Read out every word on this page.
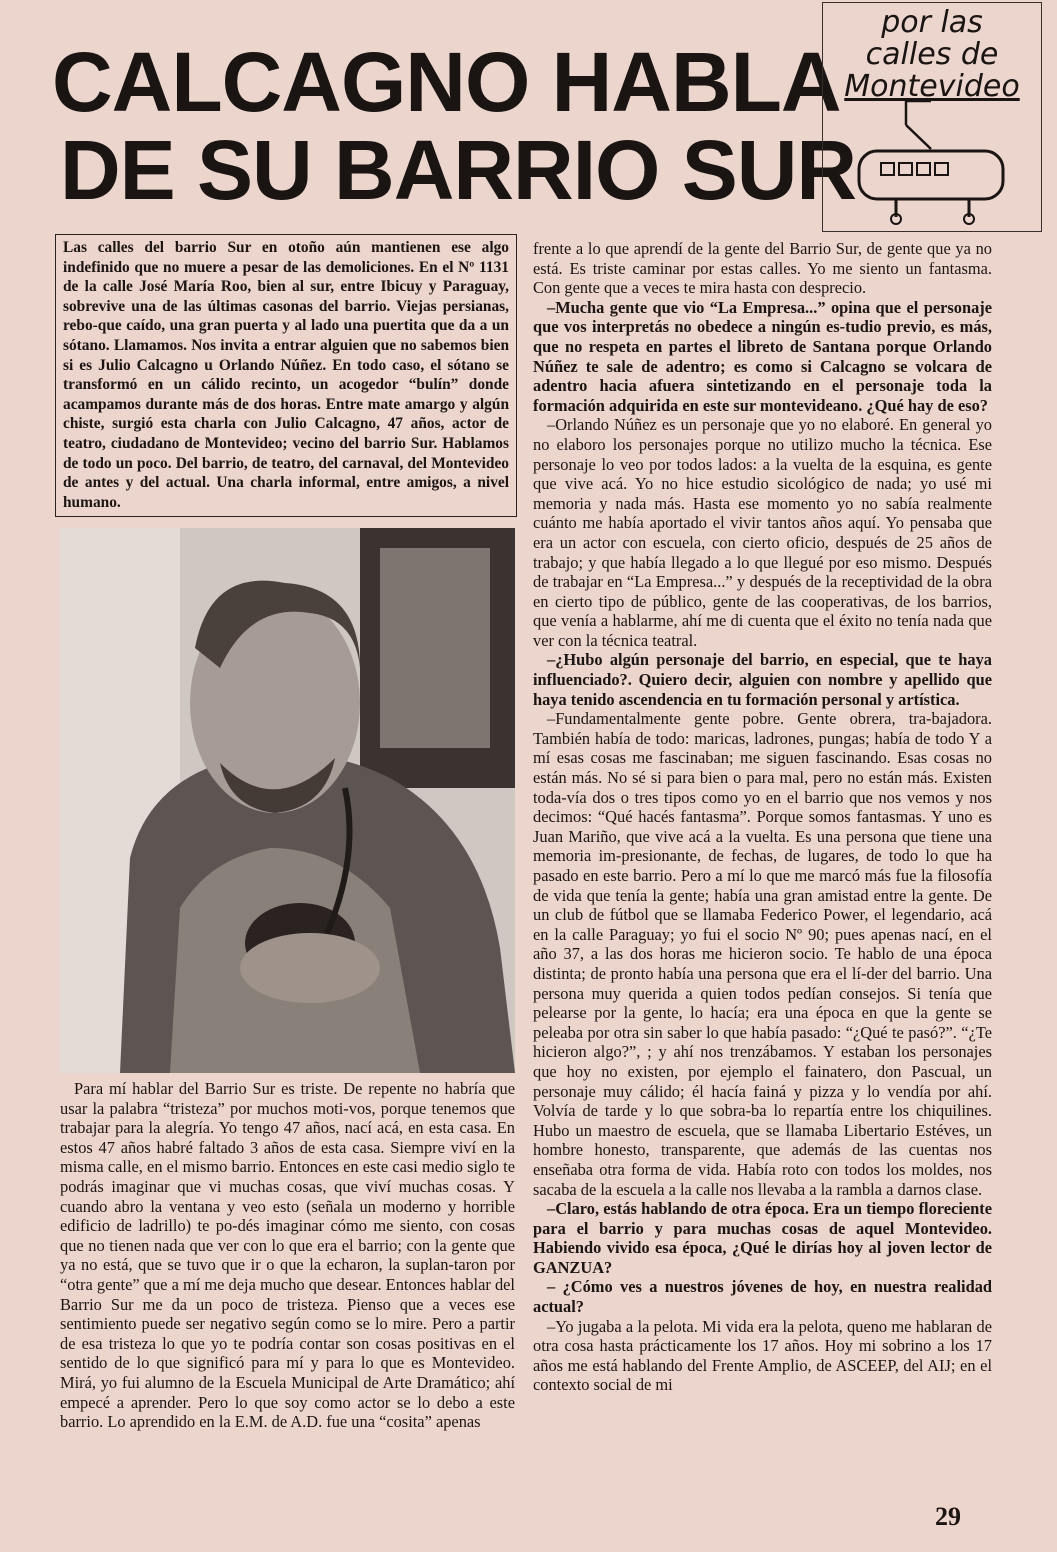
CALCAGNO HABLA
DE SU BARRIO SUR
por las
calles de
Montevideo
Las calles del barrio Sur en otoño aún mantienen ese algo indefinido que no muere a pesar de las demoliciones. En el Nº 1131 de la calle José María Roo, bien al sur, entre Ibicuy y Paraguay, sobrevive una de las últimas casonas del barrio. Viejas persianas, rebo-que caído, una gran puerta y al lado una puertita que da a un sótano. Llamamos. Nos invita a entrar alguien que no sabemos bien si es Julio Calcagno u Orlando Núñez. En todo caso, el sótano se transformó en un cálido recinto, un acogedor “bulín” donde acampamos durante más de dos horas. Entre mate amargo y algún chiste, surgió esta charla con Julio Calcagno, 47 años, actor de teatro, ciudadano de Montevideo; vecino del barrio Sur. Hablamos de todo un poco. Del barrio, de teatro, del carnaval, del Montevideo de antes y del actual. Una charla informal, entre amigos, a nivel humano.

Para mí hablar del Barrio Sur es triste. De repente no habría que usar la palabra “tristeza” por muchos moti-vos, porque tenemos que trabajar para la alegría. Yo tengo 47 años, nací acá, en esta casa. En estos 47 años habré faltado 3 años de esta casa. Siempre viví en la misma calle, en el mismo barrio. Entonces en este casi medio siglo te podrás imaginar que vi muchas cosas, que viví muchas cosas. Y cuando abro la ventana y veo esto (señala un moderno y horrible edificio de ladrillo) te po-dés imaginar cómo me siento, con cosas que no tienen nada que ver con lo que era el barrio; con la gente que ya no está, que se tuvo que ir o que la echaron, la suplan-taron por “otra gente” que a mí me deja mucho que desear. Entonces hablar del Barrio Sur me da un poco de tristeza. Pienso que a veces ese sentimiento puede ser negativo según como se lo mire. Pero a partir de esa tristeza lo que yo te podría contar son cosas positivas en el sentido de lo que significó para mí y para lo que es Montevideo. Mirá, yo fui alumno de la Escuela Municipal de Arte Dramático; ahí empecé a aprender. Pero lo que soy como actor se lo debo a este barrio. Lo aprendido en la E.M. de A.D. fue una “cosita” apenas

frente a lo que aprendí de la gente del Barrio Sur, de gente que ya no está. Es triste caminar por estas calles. Yo me siento un fantasma. Con gente que a veces te mira hasta con desprecio.

–Mucha gente que vio “La Empresa...” opina que el personaje que vos interpretás no obedece a ningún es-tudio previo, es más, que no respeta en partes el libreto de Santana porque Orlando Núñez te sale de adentro; es como si Calcagno se volcara de adentro hacia afuera sintetizando en el personaje toda la formación adquirida en este sur montevideano. ¿Qué hay de eso?

–Orlando Núñez es un personaje que yo no elaboré. En general yo no elaboro los personajes porque no utilizo mucho la técnica. Ese personaje lo veo por todos lados: a la vuelta de la esquina, es gente que vive acá. Yo no hice estudio sicológico de nada; yo usé mi memoria y nada más. Hasta ese momento yo no sabía realmente cuánto me había aportado el vivir tantos años aquí. Yo pensaba que era un actor con escuela, con cierto oficio, después de 25 años de trabajo; y que había llegado a lo que llegué por eso mismo. Después de trabajar en “La Empresa...” y después de la receptividad de la obra en cierto tipo de público, gente de las cooperativas, de los barrios, que venía a hablarme, ahí me di cuenta que el éxito no tenía nada que ver con la técnica teatral.

–¿Hubo algún personaje del barrio, en especial, que te haya influenciado?. Quiero decir, alguien con nombre y apellido que haya tenido ascendencia en tu formación personal y artística.

–Fundamentalmente gente pobre. Gente obrera, tra-bajadora. También había de todo: maricas, ladrones, pungas; había de todo Y a mí esas cosas me fascinaban; me siguen fascinando. Esas cosas no están más. No sé si para bien o para mal, pero no están más. Existen toda-vía dos o tres tipos como yo en el barrio que nos vemos y nos decimos: “Qué hacés fantasma”. Porque somos fantasmas. Y uno es Juan Mariño, que vive acá a la vuelta. Es una persona que tiene una memoria im-presionante, de fechas, de lugares, de todo lo que ha pasado en este barrio. Pero a mí lo que me marcó más fue la filosofía de vida que tenía la gente; había una gran amistad entre la gente. De un club de fútbol que se llamaba Federico Power, el legendario, acá en la calle Paraguay; yo fui el socio Nº 90; pues apenas nací, en el año 37, a las dos horas me hicieron socio. Te hablo de una época distinta; de pronto había una persona que era el lí-der del barrio. Una persona muy querida a quien todos pedían consejos. Si tenía que pelearse por la gente, lo hacía; era una época en que la gente se peleaba por otra sin saber lo que había pasado: “¿Qué te pasó?”. “¿Te hicieron algo?”, ; y ahí nos trenzábamos. Y estaban los personajes que hoy no existen, por ejemplo el fainatero, don Pascual, un personaje muy cálido; él hacía fainá y pizza y lo vendía por ahí. Volvía de tarde y lo que sobra-ba lo repartía entre los chiquilines. Hubo un maestro de escuela, que se llamaba Libertario Estéves, un hombre honesto, transparente, que además de las cuentas nos enseñaba otra forma de vida. Había roto con todos los moldes, nos sacaba de la escuela a la calle nos llevaba a la rambla a darnos clase.

–Claro, estás hablando de otra época. Era un tiempo floreciente para el barrio y para muchas cosas de aquel Montevideo. Habiendo vivido esa época, ¿Qué le dirías hoy al joven lector de GANZUA?

– ¿Cómo ves a nuestros jóvenes de hoy, en nuestra realidad actual?

–Yo jugaba a la pelota. Mi vida era la pelota, queno me hablaran de otra cosa hasta prácticamente los 17 años. Hoy mi sobrino a los 17 años me está hablando del Frente Amplio, de ASCEEP, del AIJ; en el contexto social de mi

29
